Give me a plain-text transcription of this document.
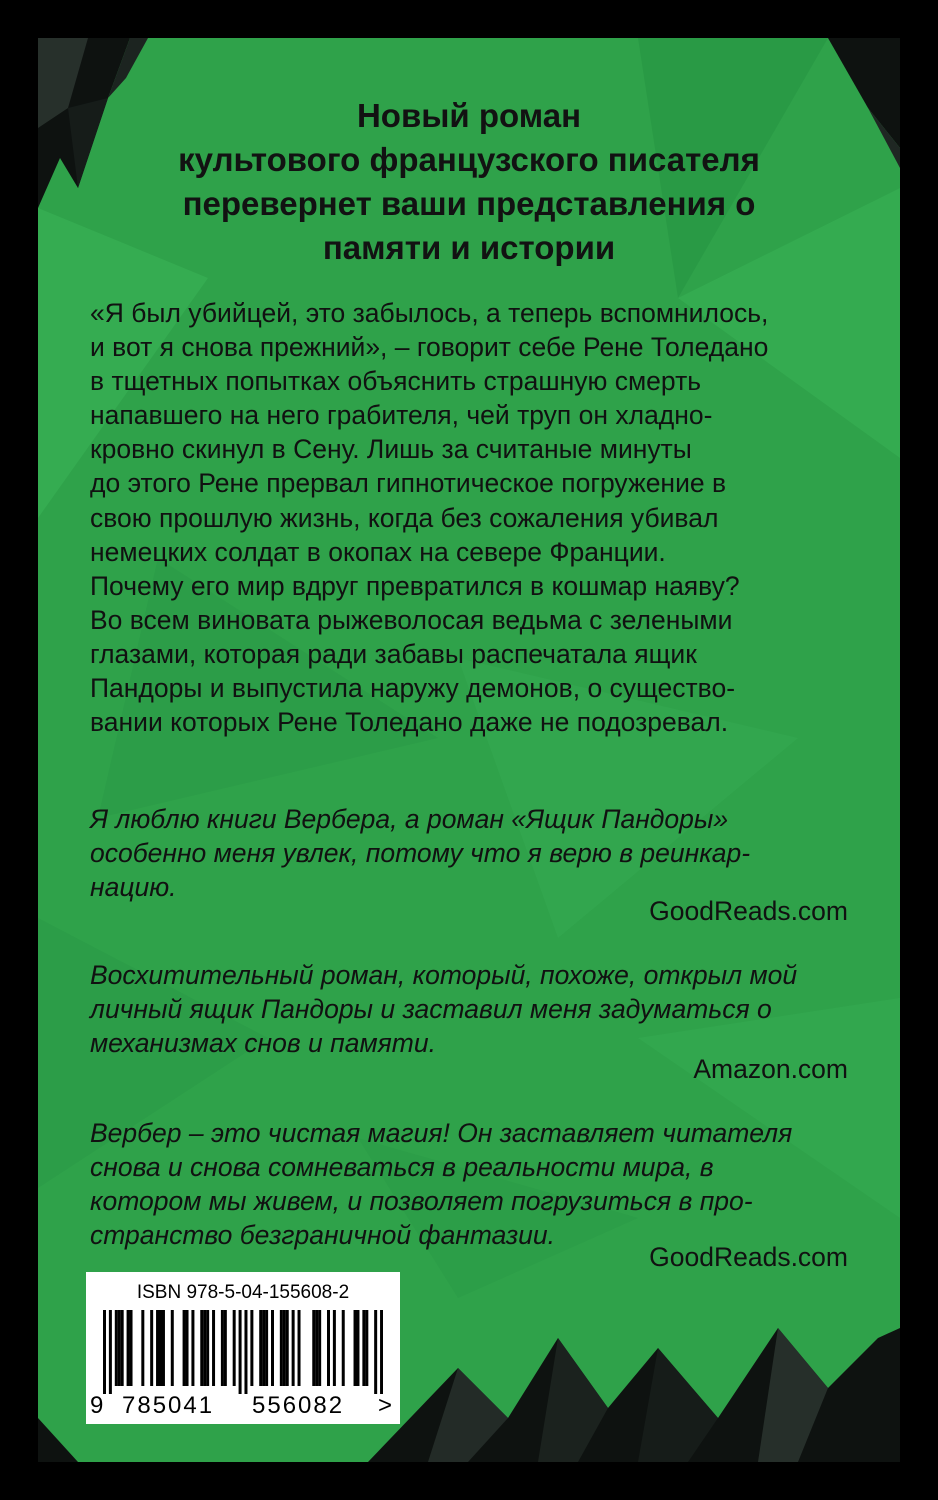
Новый роман
культового французского писателя
перевернет ваши представления о
памяти и истории

«Я был убийцей, это забылось, а теперь вспомнилось,
и вот я снова прежний», – говорит себе Рене Толедано
в тщетных попытках объяснить страшную смерть
напавшего на него грабителя, чей труп он хладно-
кровно скинул в Сену. Лишь за считаные минуты
до этого Рене прервал гипнотическое погружение в
свою прошлую жизнь, когда без сожаления убивал
немецких солдат в окопах на севере Франции.
Почему его мир вдруг превратился в кошмар наяву?
Во всем виновата рыжеволосая ведьма с зелеными
глазами, которая ради забавы распечатала ящик
Пандоры и выпустила наружу демонов, о существо-
вании которых Рене Толедано даже не подозревал.

Я люблю книги Вербера, а роман «Ящик Пандоры»
особенно меня увлек, потому что я верю в реинкар-
нацию.

GoodReads.com

Восхитительный роман, который, похоже, открыл мой
личный ящик Пандоры и заставил меня задуматься о
механизмах снов и памяти.

Amazon.com

Вербер – это чистая магия! Он заставляет читателя
снова и снова сомневаться в реальности мира, в
котором мы живем, и позволяет погрузиться в про-
странство безграничной фантазии.

GoodReads.com

ISBN 978-5-04-155608-2
9 785041 556082 >
